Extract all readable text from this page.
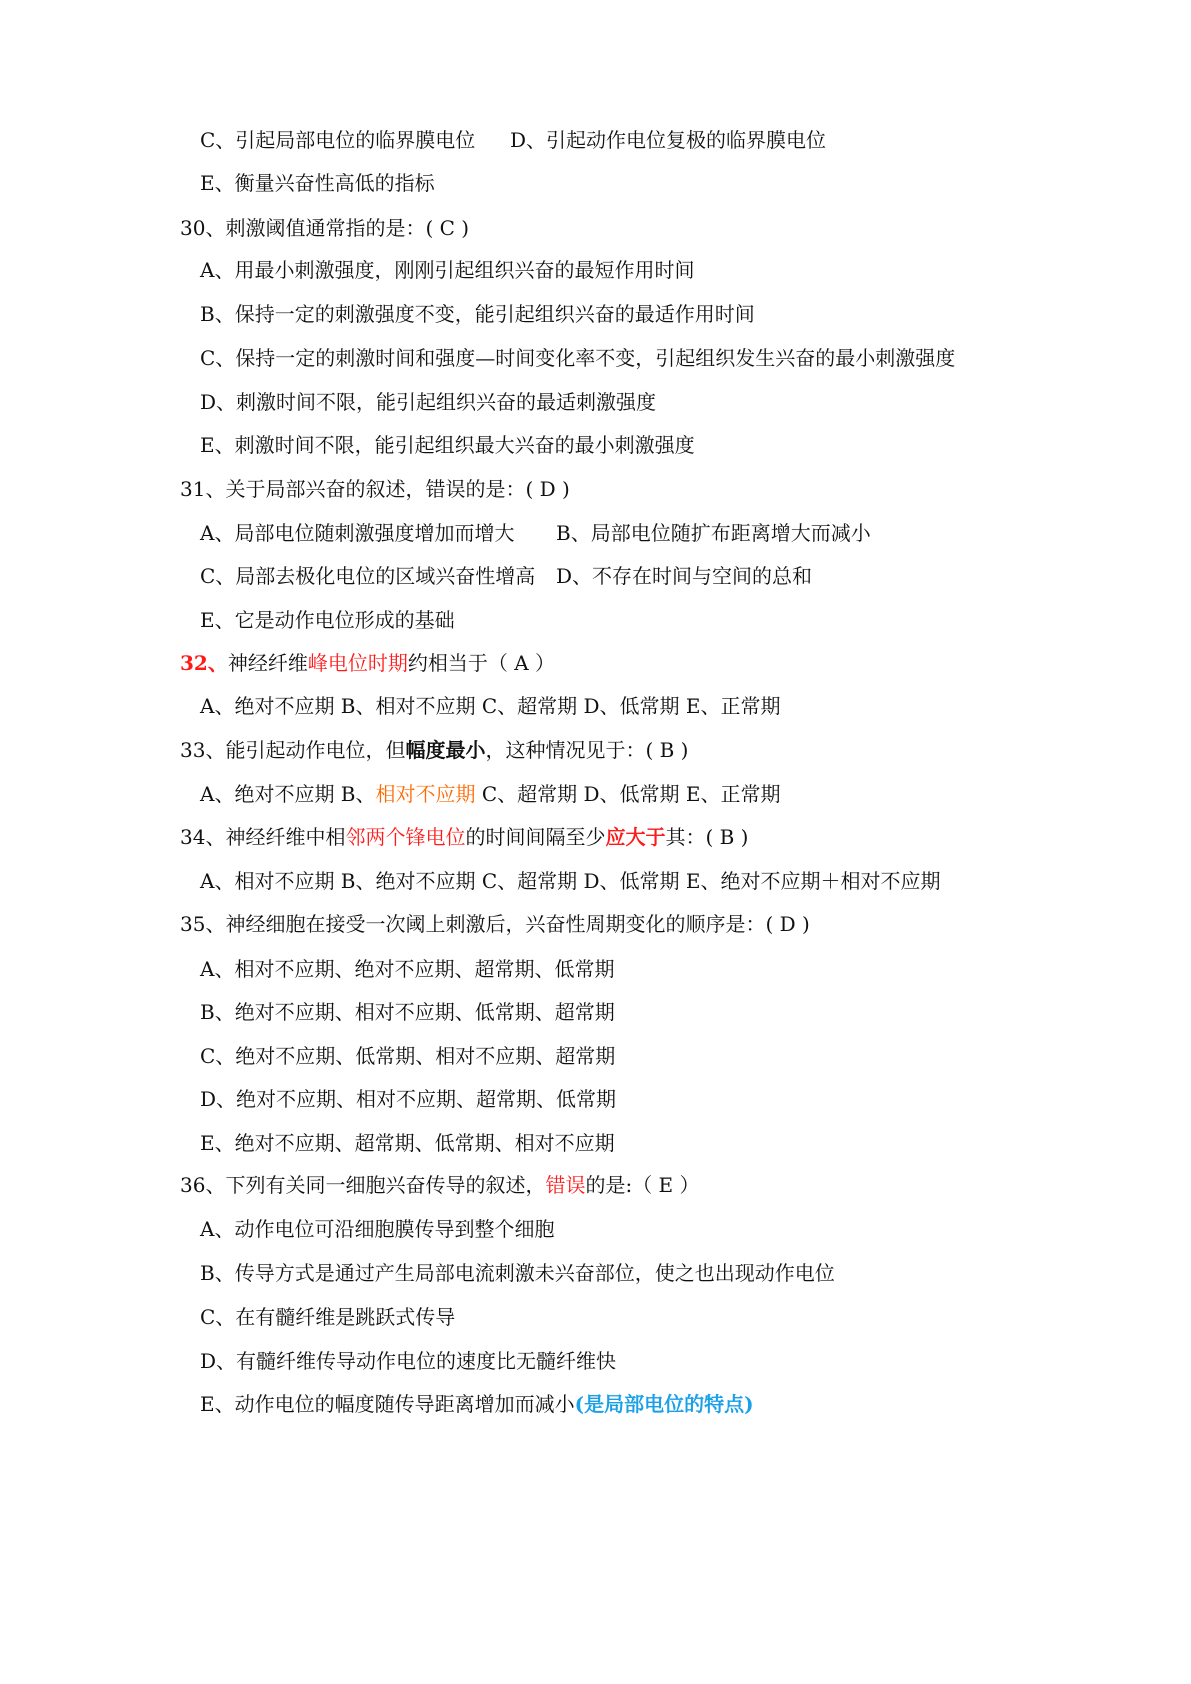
C、引起局部电位的临界膜电位 D、引起动作电位复极的临界膜电位
E、衡量兴奋性高低的指标
30、刺激阈值通常指的是：( C )
A、用最小刺激强度，刚刚引起组织兴奋的最短作用时间
B、保持一定的刺激强度不变，能引起组织兴奋的最适作用时间
C、保持一定的刺激时间和强度—时间变化率不变，引起组织发生兴奋的最小刺激强度
D、刺激时间不限，能引起组织兴奋的最适刺激强度
E、刺激时间不限，能引起组织最大兴奋的最小刺激强度
31、关于局部兴奋的叙述，错误的是：( D )
A、局部电位随刺激强度增加而增大 B、局部电位随扩布距离增大而减小
C、局部去极化电位的区域兴奋性增高 D、不存在时间与空间的总和
E、它是动作电位形成的基础
32、神经纤维峰电位时期约相当于（ A ）
A、绝对不应期 B、相对不应期 C、超常期 D、低常期 E、正常期
33、能引起动作电位，但幅度最小，这种情况见于：( B )
A、绝对不应期 B、相对不应期 C、超常期 D、低常期 E、正常期
34、神经纤维中相邻两个锋电位的时间间隔至少应大于其：( B )
A、相对不应期 B、绝对不应期 C、超常期 D、低常期 E、绝对不应期＋相对不应期
35、神经细胞在接受一次阈上刺激后，兴奋性周期变化的顺序是：( D )
A、相对不应期、绝对不应期、超常期、低常期
B、绝对不应期、相对不应期、低常期、超常期
C、绝对不应期、低常期、相对不应期、超常期
D、绝对不应期、相对不应期、超常期、低常期
E、绝对不应期、超常期、低常期、相对不应期
36、下列有关同一细胞兴奋传导的叙述，错误的是:（ E ）
A、动作电位可沿细胞膜传导到整个细胞
B、传导方式是通过产生局部电流刺激未兴奋部位，使之也出现动作电位
C、在有髓纤维是跳跃式传导
D、有髓纤维传导动作电位的速度比无髓纤维快
E、动作电位的幅度随传导距离增加而减小(是局部电位的特点)
